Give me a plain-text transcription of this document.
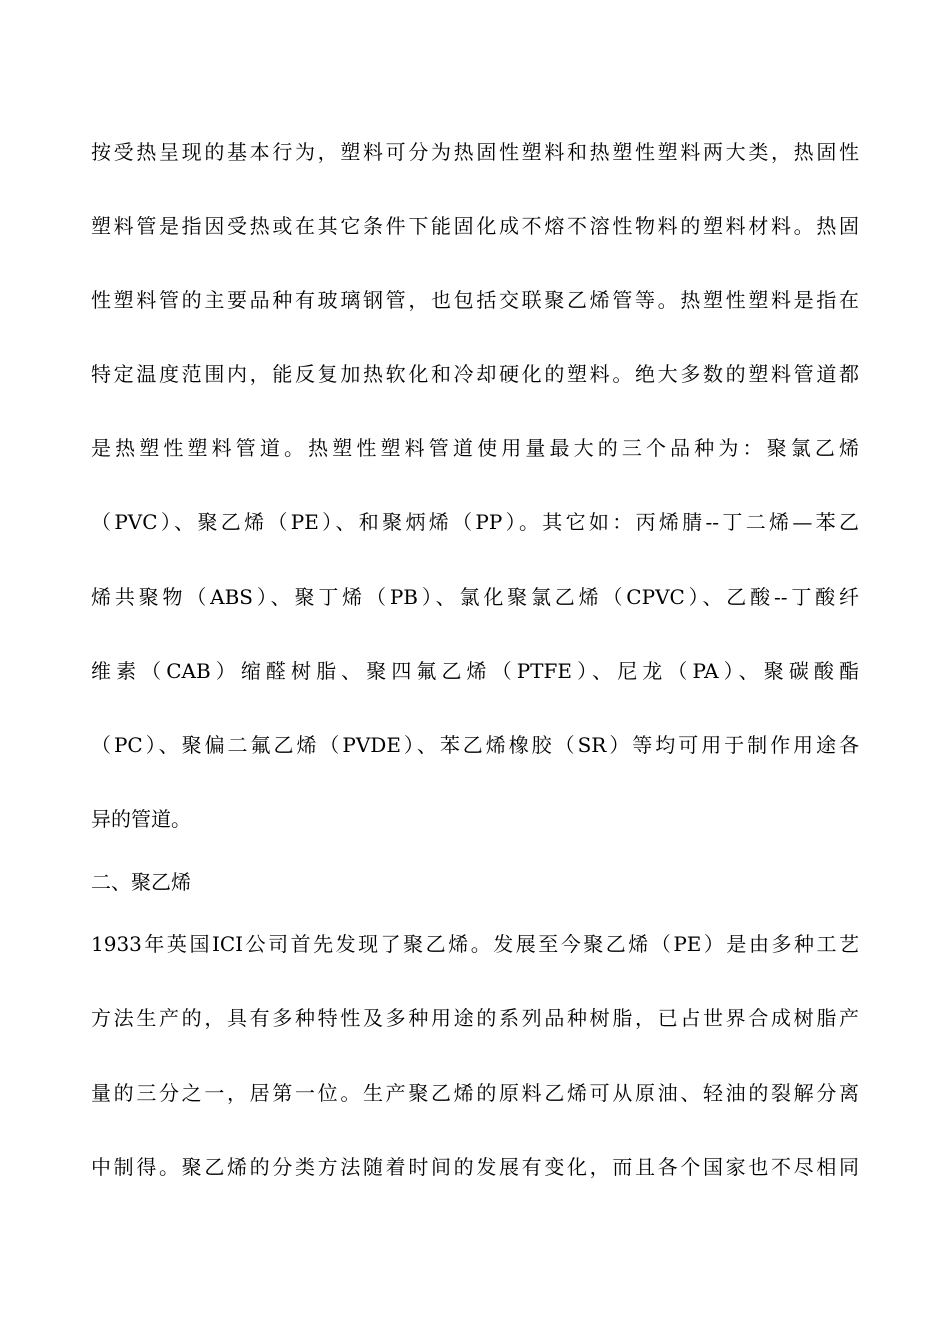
按受热呈现的基本行为，塑料可分为热固性塑料和热塑性塑料两大类，热固性
塑料管是指因受热或在其它条件下能固化成不熔不溶性物料的塑料材料。热固
性塑料管的主要品种有玻璃钢管，也包括交联聚乙烯管等。热塑性塑料是指在
特定温度范围内，能反复加热软化和冷却硬化的塑料。绝大多数的塑料管道都
是热塑性塑料管道。热塑性塑料管道使用量最大的三个品种为：聚氯乙烯
（PVC）、聚乙烯（PE）、和聚炳烯（PP）。其它如：丙烯腈--丁二烯—苯乙
烯共聚物（ABS）、聚丁烯（PB）、氯化聚氯乙烯（CPVC）、乙酸--丁酸纤
维素（CAB）缩醛树脂、聚四氟乙烯（PTFE）、尼龙（PA）、聚碳酸酯
（PC）、聚偏二氟乙烯（PVDE）、苯乙烯橡胶（SR）等均可用于制作用途各
异的管道。
二、聚乙烯
1933年英国ICI公司首先发现了聚乙烯。发展至今聚乙烯（PE）是由多种工艺
方法生产的，具有多种特性及多种用途的系列品种树脂，已占世界合成树脂产
量的三分之一，居第一位。生产聚乙烯的原料乙烯可从原油、轻油的裂解分离
中制得。聚乙烯的分类方法随着时间的发展有变化，而且各个国家也不尽相同
